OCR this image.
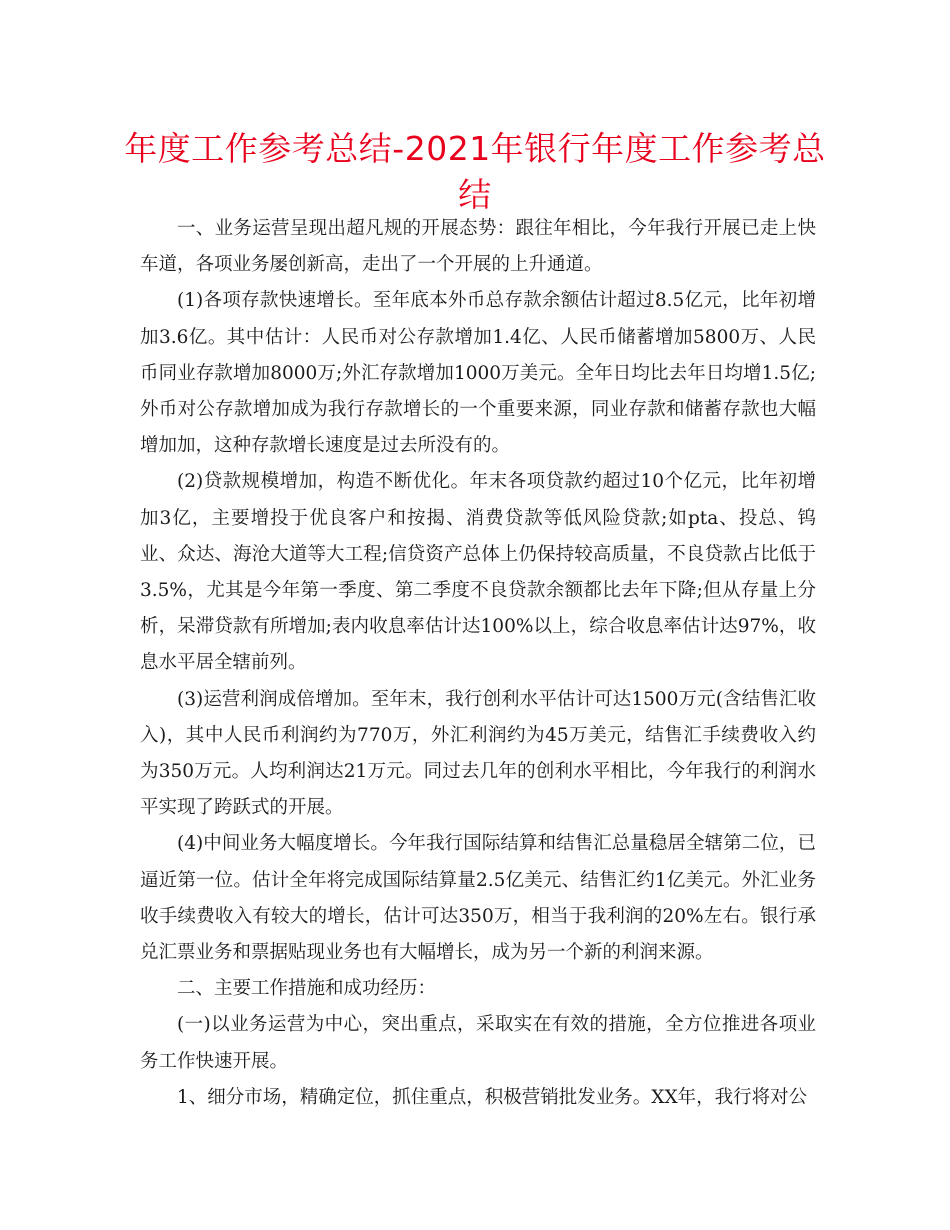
年度工作参考总结-2021年银行年度工作参考总结

一、业务运营呈现出超凡规的开展态势：跟往年相比，今年我行开展已走上快车道，各项业务屡创新高，走出了一个开展的上升通道。

(1)各项存款快速增长。至年底本外币总存款余额估计超过8.5亿元，比年初增加3.6亿。其中估计：人民币对公存款增加1.4亿、人民币储蓄增加5800万、人民币同业存款增加8000万;外汇存款增加1000万美元。全年日均比去年日均增1.5亿;外币对公存款增加成为我行存款增长的一个重要来源，同业存款和储蓄存款也大幅增加加，这种存款增长速度是过去所没有的。

(2)贷款规模增加，构造不断优化。年末各项贷款约超过10个亿元，比年初增加3亿，主要增投于优良客户和按揭、消费贷款等低风险贷款;如pta、投总、钨业、众达、海沧大道等大工程;信贷资产总体上仍保持较高质量，不良贷款占比低于3.5%，尤其是今年第一季度、第二季度不良贷款余额都比去年下降;但从存量上分析，呆滞贷款有所增加;表内收息率估计达100%以上，综合收息率估计达97%，收息水平居全辖前列。

(3)运营利润成倍增加。至年末，我行创利水平估计可达1500万元(含结售汇收入)，其中人民币利润约为770万，外汇利润约为45万美元，结售汇手续费收入约为350万元。人均利润达21万元。同过去几年的创利水平相比，今年我行的利润水平实现了跨跃式的开展。

(4)中间业务大幅度增长。今年我行国际结算和结售汇总量稳居全辖第二位，已逼近第一位。估计全年将完成国际结算量2.5亿美元、结售汇约1亿美元。外汇业务收手续费收入有较大的增长，估计可达350万，相当于我利润的20%左右。银行承兑汇票业务和票据贴现业务也有大幅增长，成为另一个新的利润来源。

二、主要工作措施和成功经历：

(一)以业务运营为中心，突出重点，采取实在有效的措施，全方位推进各项业务工作快速开展。

1、细分市场，精确定位，抓住重点，积极营销批发业务。XX年，我行将对公
